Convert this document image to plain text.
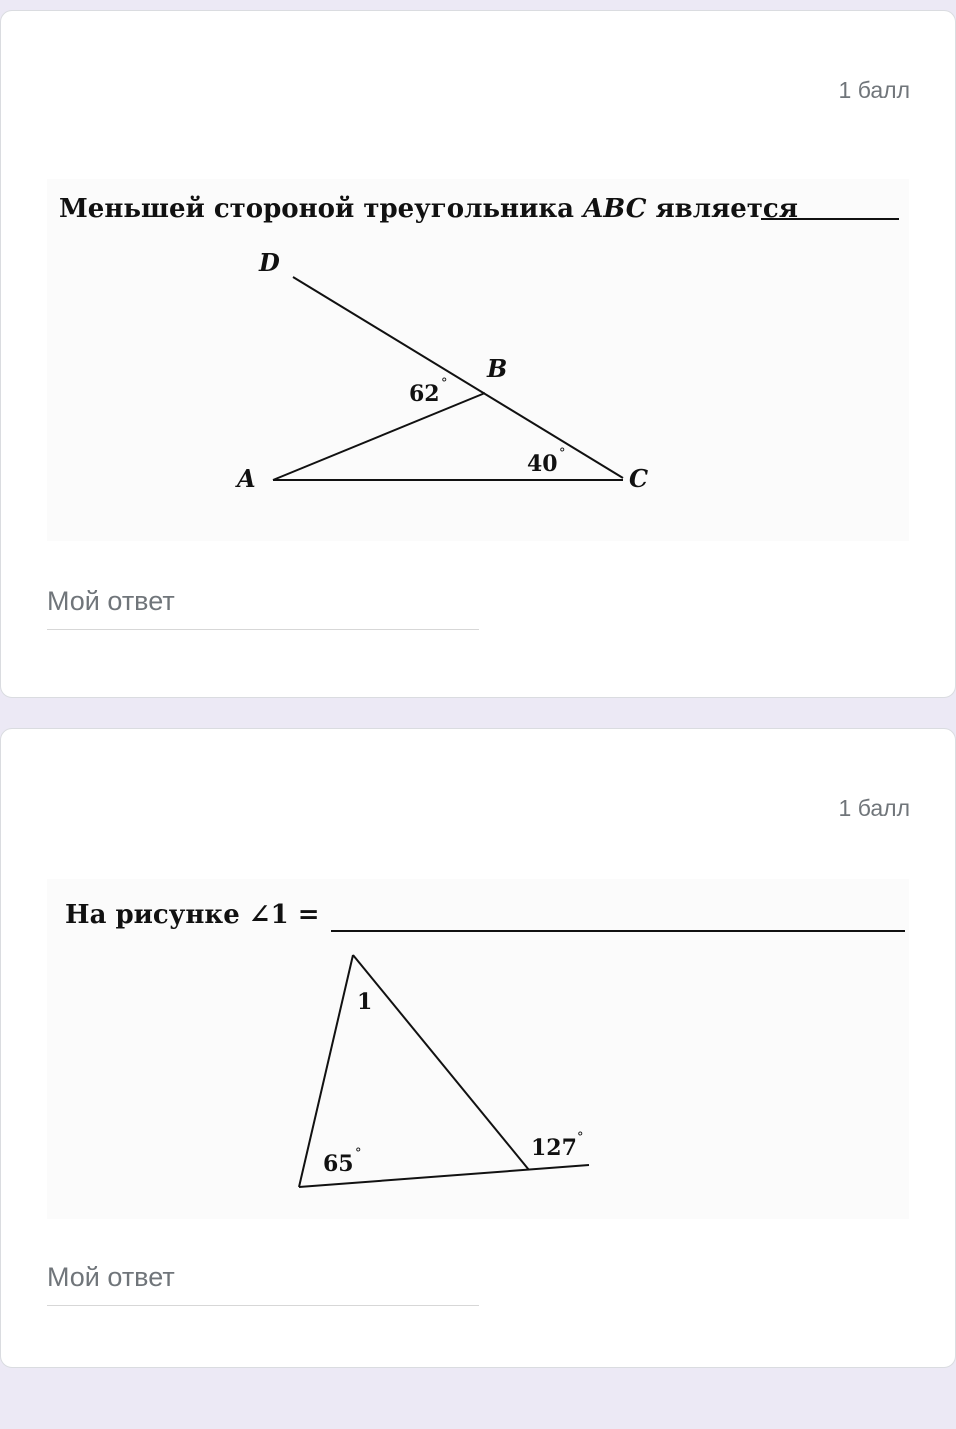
1 балл
Меньшей стороной треугольника ABC является
D
B
A	C
62 °
40 °
Мой ответ
1 балл
На рисунке ∠1 =
1
65 °	127 °
Мой ответ
